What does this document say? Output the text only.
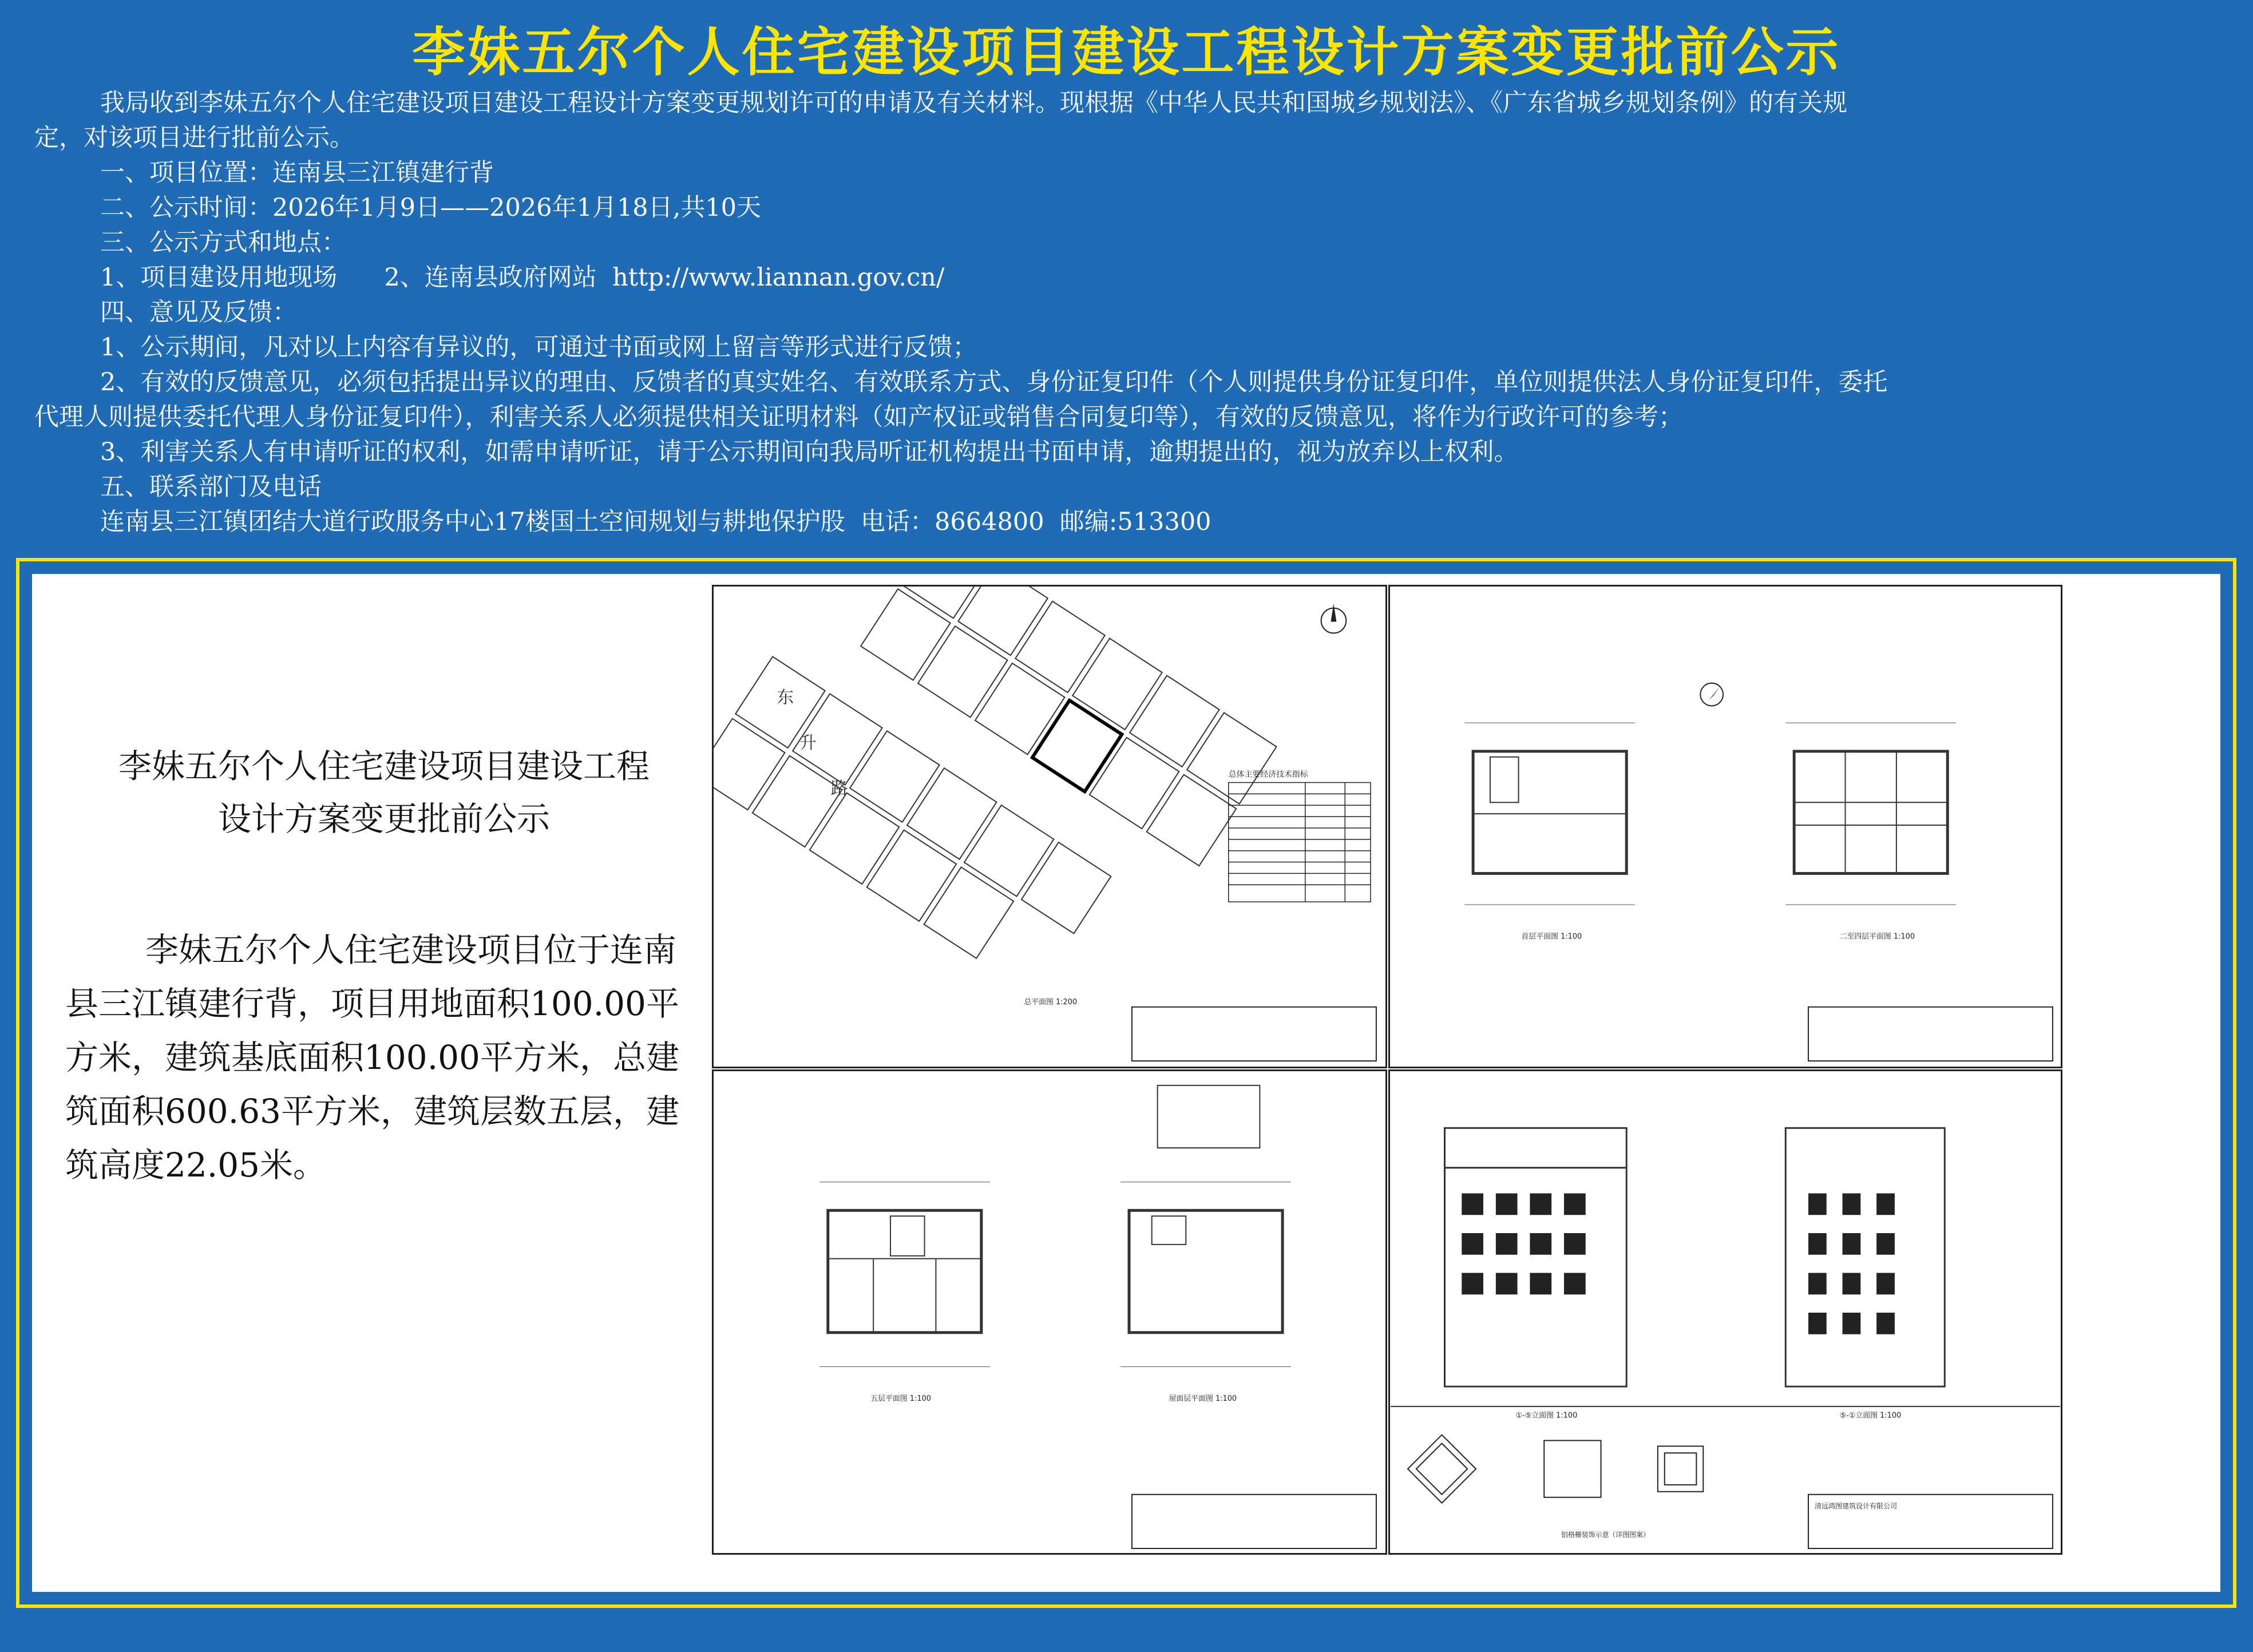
李妹五尔个人住宅建设项目建设工程设计方案变更批前公示

我局收到李妹五尔个人住宅建设项目建设工程设计方案变更规划许可的申请及有关材料。现根据《中华人民共和国城乡规划法》、《广东省城乡规划条例》的有关规

定，对该项目进行批前公示。

一、项目位置：连南县三江镇建行背

二、公示时间：2026年1月9日——2026年1月18日,共10天

三、公示方式和地点：

1、项目建设用地现场      2、连南县政府网站  http://www.liannan.gov.cn/

四、意见及反馈：

1、公示期间，凡对以上内容有异议的，可通过书面或网上留言等形式进行反馈；

2、有效的反馈意见，必须包括提出异议的理由、反馈者的真实姓名、有效联系方式、身份证复印件（个人则提供身份证复印件，单位则提供法人身份证复印件，委托

代理人则提供委托代理人身份证复印件），利害关系人必须提供相关证明材料（如产权证或销售合同复印等），有效的反馈意见，将作为行政许可的参考；

3、利害关系人有申请听证的权利，如需申请听证，请于公示期间向我局听证机构提出书面申请，逾期提出的，视为放弃以上权利。

五、联系部门及电话

连南县三江镇团结大道行政服务中心17楼国土空间规划与耕地保护股  电话：8664800  邮编:513300

李妹五尔个人住宅建设项目建设工程
设计方案变更批前公示

李妹五尔个人住宅建设项目位于连南县三江镇建行背，项目用地面积100.00平方米，建筑基底面积100.00平方米，总建筑面积600.63平方米，建筑层数五层，建筑高度22.05米。

东
升
路
总体主要经济技术指标
总平面图 1:200
首层平面图 1:100	二至四层平面图 1:100
五层平面图 1:100	屋面层平面图 1:100
①-⑤立面图 1:100	⑤-①立面图 1:100
铝格栅装饰示意（详图图案）
清远鸿图建筑设计有限公司
